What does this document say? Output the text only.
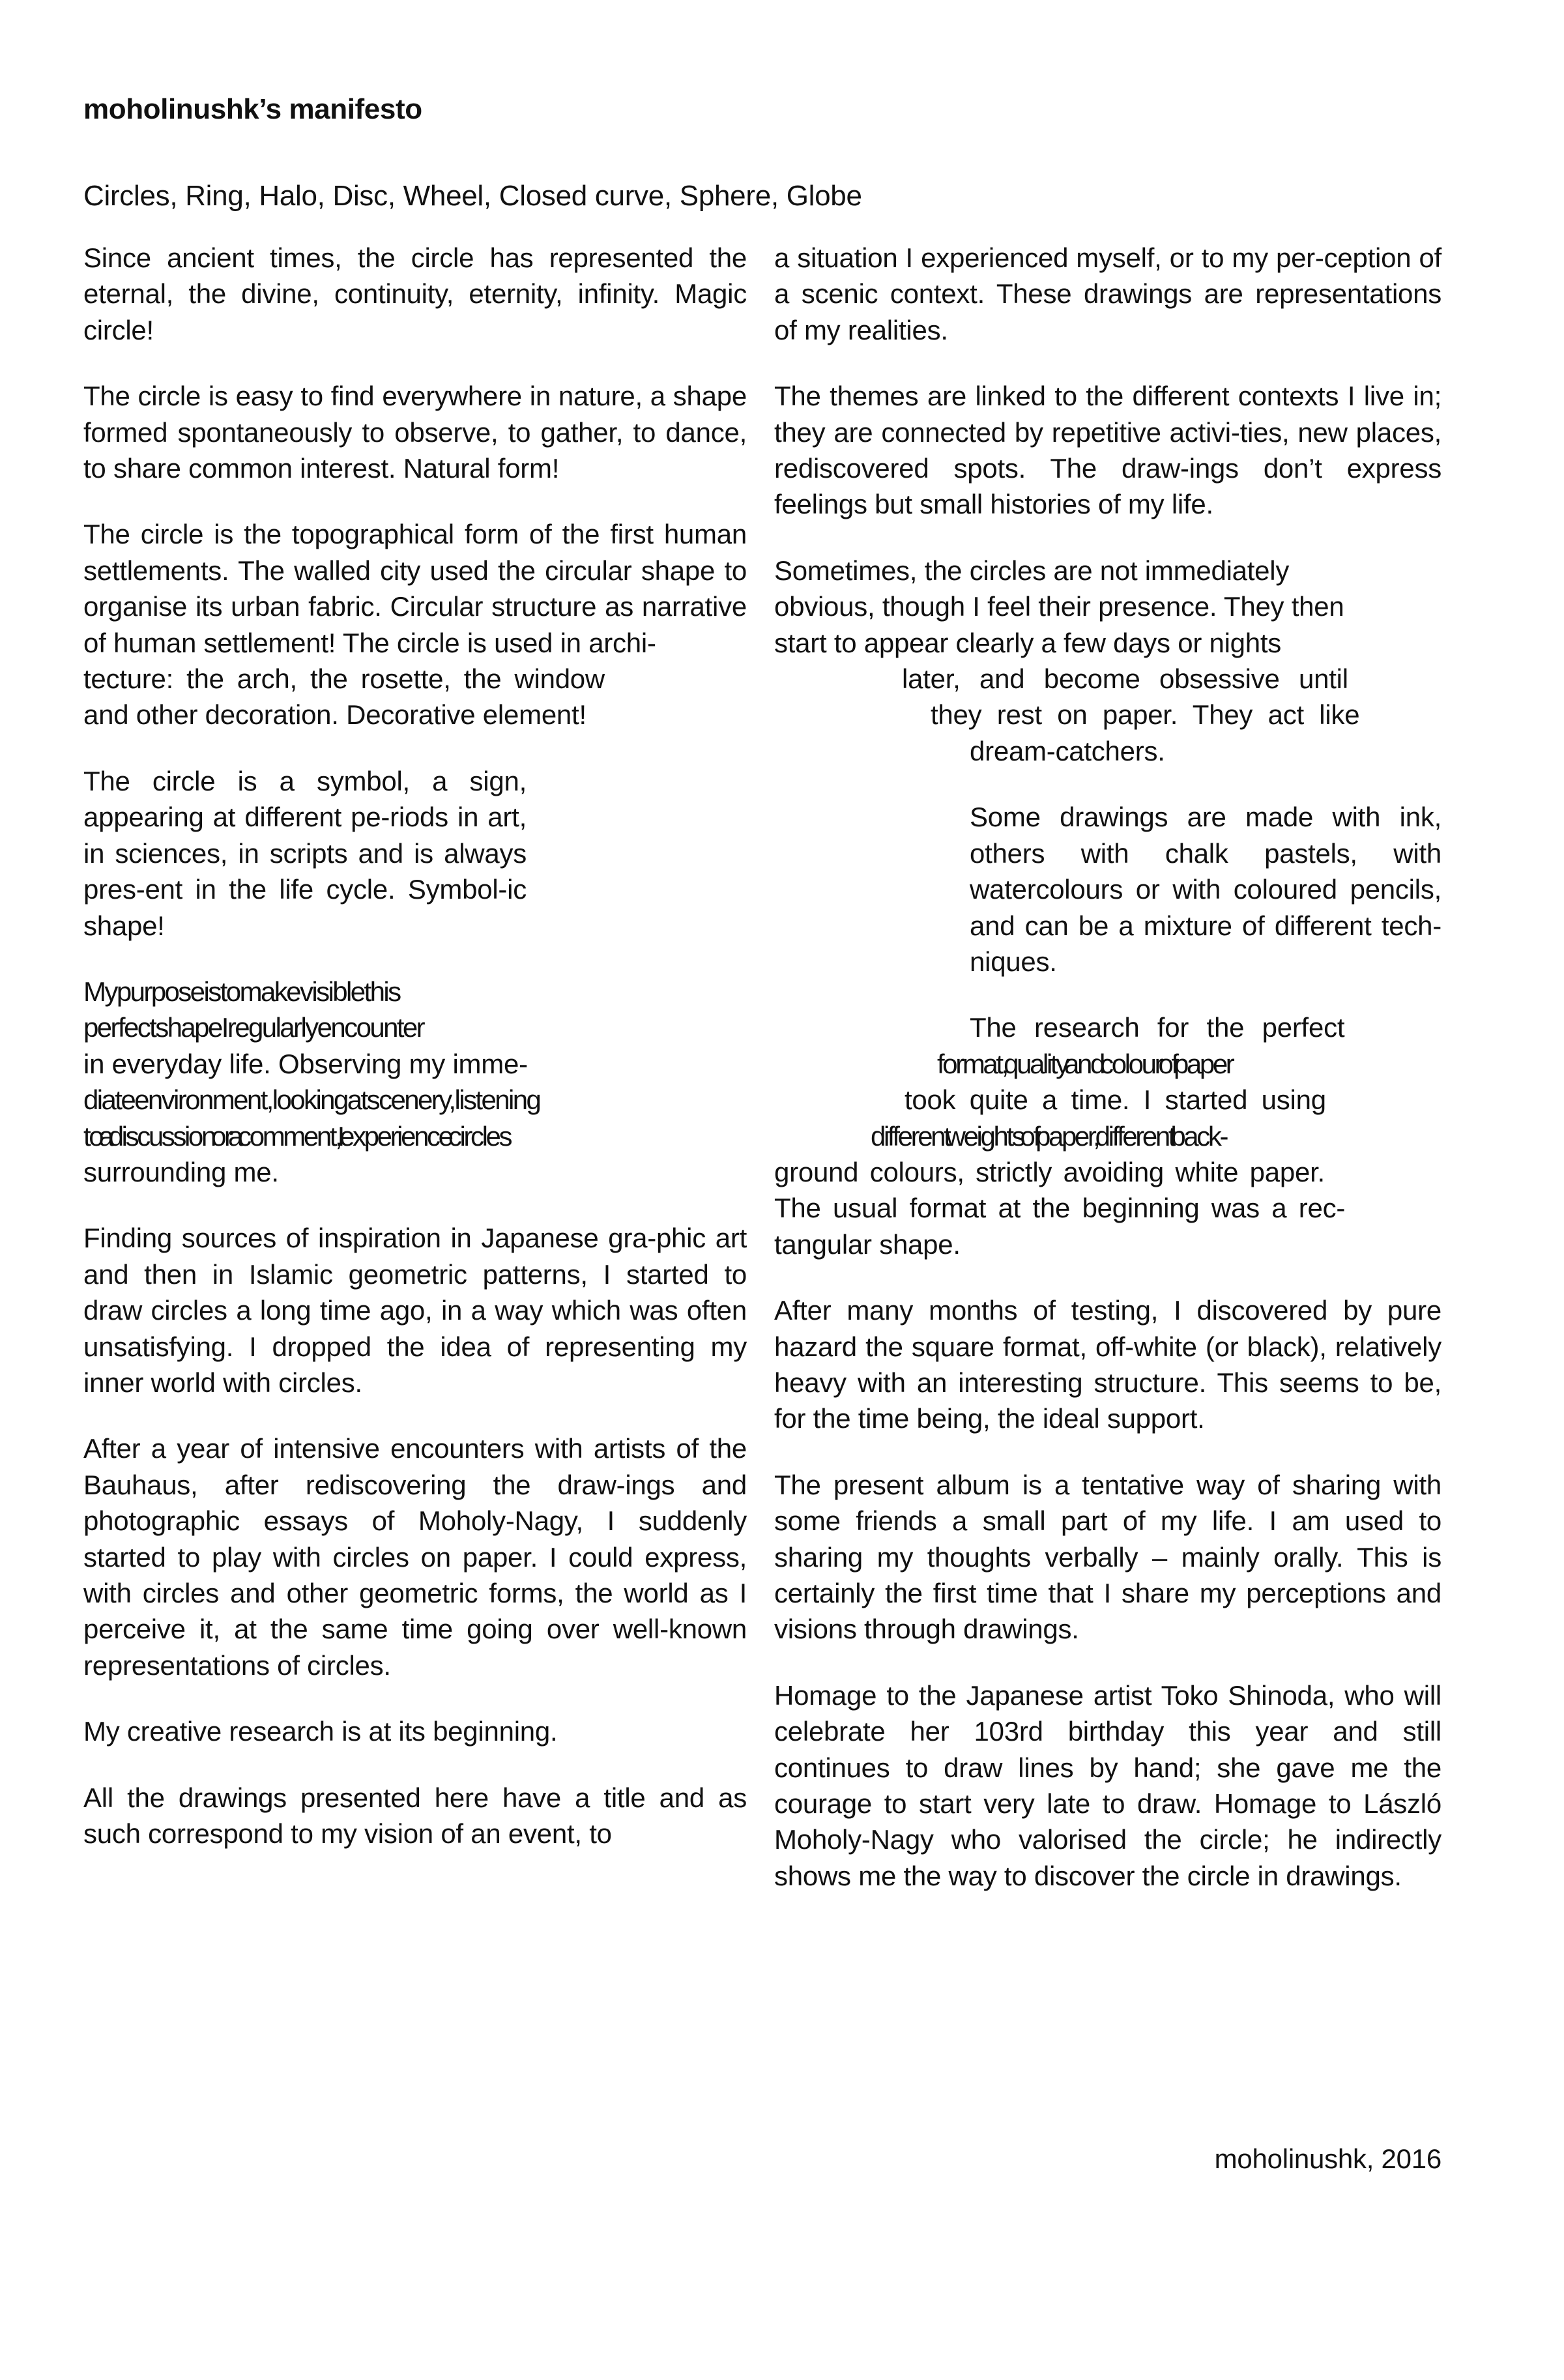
moholinushk’s manifesto

Circles, Ring, Halo, Disc, Wheel, Closed curve, Sphere, Globe

Since ancient times, the circle has represented the eternal, the divine, continuity, eternity, infinity. Magic circle!

The circle is easy to find everywhere in nature, a shape formed spontaneously to observe, to gather, to dance, to share common interest. Natural form!

The circle is the topographical form of the first human settlements. The walled city used the circular shape to organise its urban fabric. Circular structure as narrative of human settlement! The circle is used in archi-

tecture: the arch, the rosette, the window and other decoration. Decorative element!

The circle is a symbol, a sign, appearing at different pe-riods in art, in sciences, in scripts and is always pres-ent in the life cycle. Symbol-ic shape!

My purpose is to make visible this
perfect shape I regularly encounter
in everyday life. Observing my imme-
diate environment, looking at scenery, listening
to a discussion or a comment, I experience circles
surrounding me.

Finding sources of inspiration in Japanese gra-phic art and then in Islamic geometric patterns, I started to draw circles a long time ago, in a way which was often unsatisfying. I dropped the idea of representing my inner world with circles.

After a year of intensive encounters with artists of the Bauhaus, after rediscovering the draw-ings and photographic essays of Moholy-Nagy, I suddenly started to play with circles on paper. I could express, with circles and other geometric forms, the world as I perceive it, at the same time going over well-known representations of circles.

My creative research is at its beginning.

All the drawings presented here have a title and as such correspond to my vision of an event, to

a situation I experienced myself, or to my per-ception of a scenic context. These drawings are representations of my realities.

The themes are linked to the different contexts I live in; they are connected by repetitive activi-ties, new places, rediscovered spots. The draw-ings don’t express feelings but small histories of my life.

Sometimes, the circles are not immediately
obvious, though I feel their presence. They then
start to appear clearly a few days or nights
later, and become obsessive until
they rest on paper. They act like
dream-catchers.

Some drawings are made with ink, others with chalk pastels, with watercolours or with coloured pencils, and can be a mixture of different tech-niques.

The research for the perfect
format, quality and colour of paper
took quite a time. I started using
different weights of paper, different back-
ground colours, strictly avoiding white paper.
The usual format at the beginning was a rec-
tangular shape.

After many months of testing, I discovered by pure hazard the square format, off-white (or black), relatively heavy with an interesting structure. This seems to be, for the time being, the ideal support.

The present album is a tentative way of sharing with some friends a small part of my life. I am used to sharing my thoughts verbally – mainly orally. This is certainly the first time that I share my perceptions and visions through drawings.

Homage to the Japanese artist Toko Shinoda, who will celebrate her 103rd birthday this year and still continues to draw lines by hand; she gave me the courage to start very late to draw. Homage to László Moholy-Nagy who valorised the circle; he indirectly shows me the way to discover the circle in drawings.

moholinushk, 2016
